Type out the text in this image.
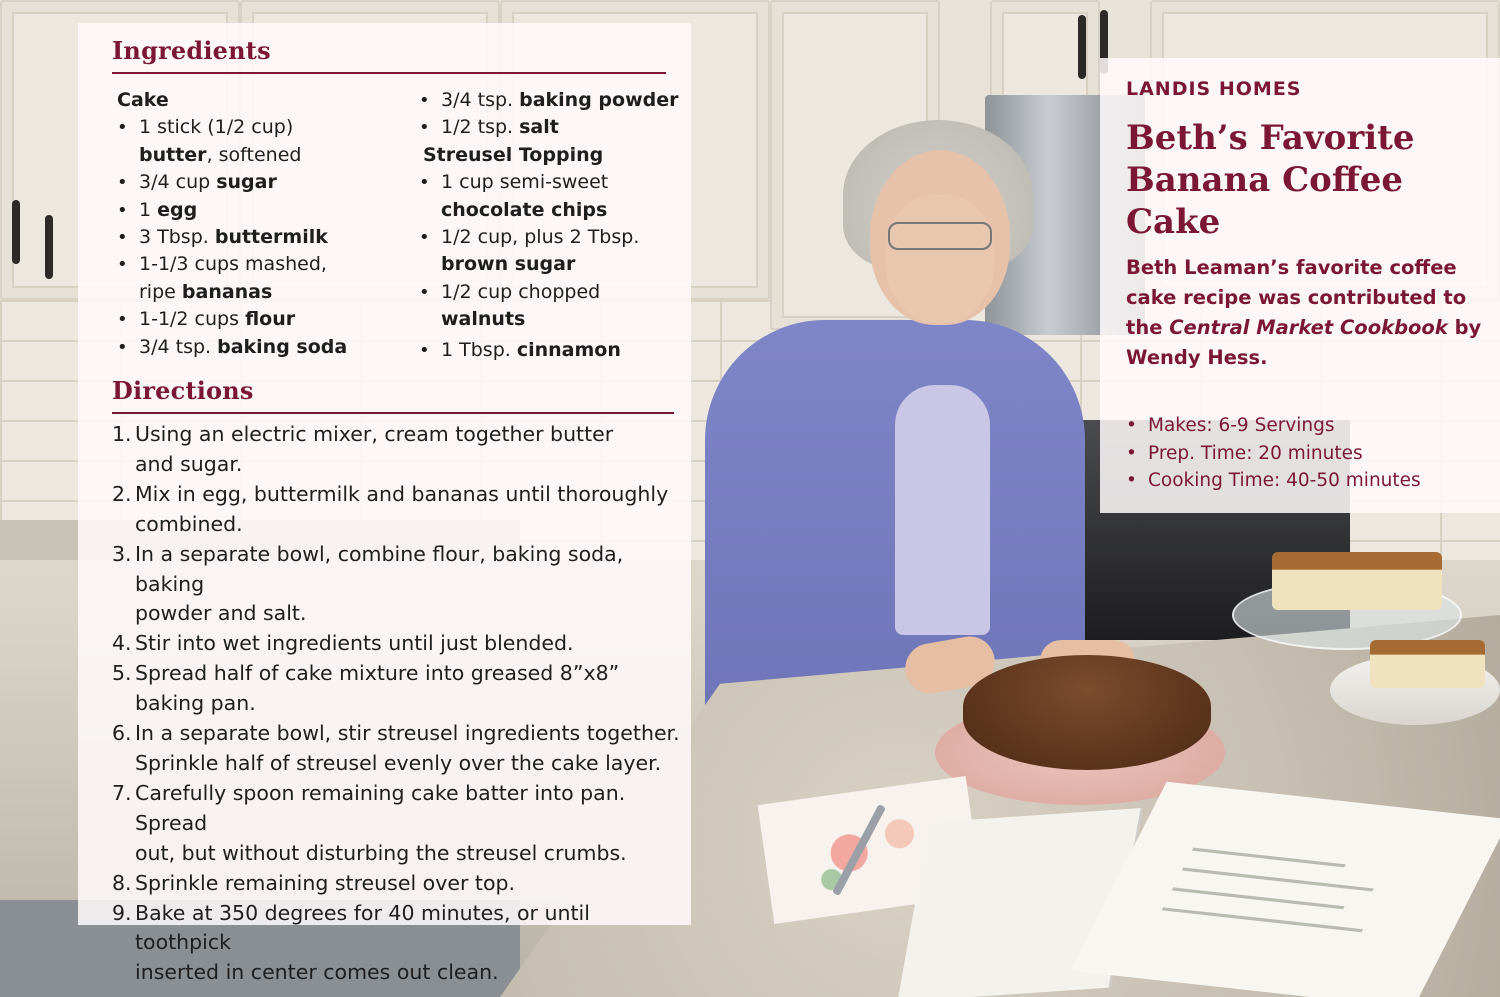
Ingredients
Cake
• 1 stick (1/2 cup)
butter, softened
• 3/4 cup sugar
• 1 egg
• 3 Tbsp. buttermilk
• 1-1/3 cups mashed,
ripe bananas
• 1-1/2 cups flour
• 3/4 tsp. baking soda
• 3/4 tsp. baking powder
• 1/2 tsp. salt
Streusel Topping
• 1 cup semi-sweet
chocolate chips
• 1/2 cup, plus 2 Tbsp.
brown sugar
• 1/2 cup chopped
walnuts
• 1 Tbsp. cinnamon
Directions
1. Using an electric mixer, cream together butter
and sugar.
2. Mix in egg, buttermilk and bananas until thoroughly
combined.
3. In a separate bowl, combine flour, baking soda, baking
powder and salt.
4. Stir into wet ingredients until just blended.
5. Spread half of cake mixture into greased 8”x8”
baking pan.
6. In a separate bowl, stir streusel ingredients together.
Sprinkle half of streusel evenly over the cake layer.
7. Carefully spoon remaining cake batter into pan. Spread
out, but without disturbing the streusel crumbs.
8. Sprinkle remaining streusel over top.
9. Bake at 350 degrees for 40 minutes, or until toothpick
inserted in center comes out clean.
LANDIS HOMES
Beth’s Favorite
Banana Coffee
Cake
Beth Leaman’s favorite coffee cake recipe was contributed to the Central Market Cookbook by Wendy Hess.
• Makes: 6-9 Servings
• Prep. Time: 20 minutes
• Cooking Time: 40-50 minutes
